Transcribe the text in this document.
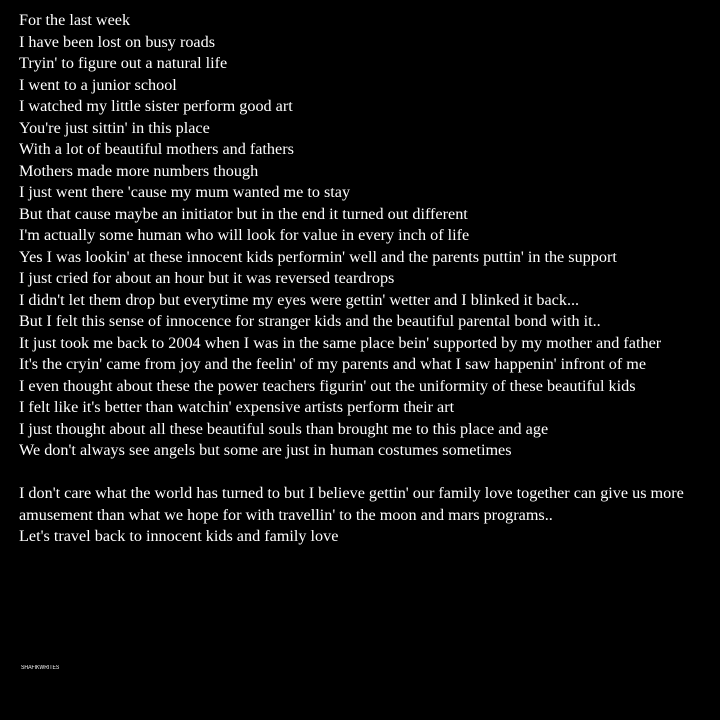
For the last week
I have been lost on busy roads
Tryin' to figure out a natural life
I went to a junior school
I watched my little sister perform good art
You're just sittin' in this place
With a lot of beautiful mothers and fathers
Mothers made more numbers though
I just went there 'cause my mum wanted me to stay
But that cause maybe an initiator but in the end it turned out different
I'm actually some human who will look for value in every inch of life
Yes I was lookin' at these innocent kids performin' well and the parents puttin' in the support
I just cried for about an hour but it was reversed teardrops
I didn't let them drop but everytime my eyes were gettin' wetter and I blinked it back...
But I felt this sense of innocence for stranger kids and the beautiful parental bond with it..
It just took me back to 2004 when I was in the same place bein' supported by my mother and father
It's the cryin' came from joy and the feelin' of my parents and what I saw happenin' infront of me
I even thought about these the power teachers figurin' out the uniformity of these beautiful kids
I felt like it's better than watchin' expensive artists perform their art
I just thought about all these beautiful souls than brought me to this place and age
We don't always see angels but some are just in human costumes sometimes
I don't care what the world has turned to but I believe gettin' our family love together can give us more amusement than what we hope for with travellin' to the moon and mars programs..
Let's travel back to innocent kids and family love
SHAFIKWRITES
